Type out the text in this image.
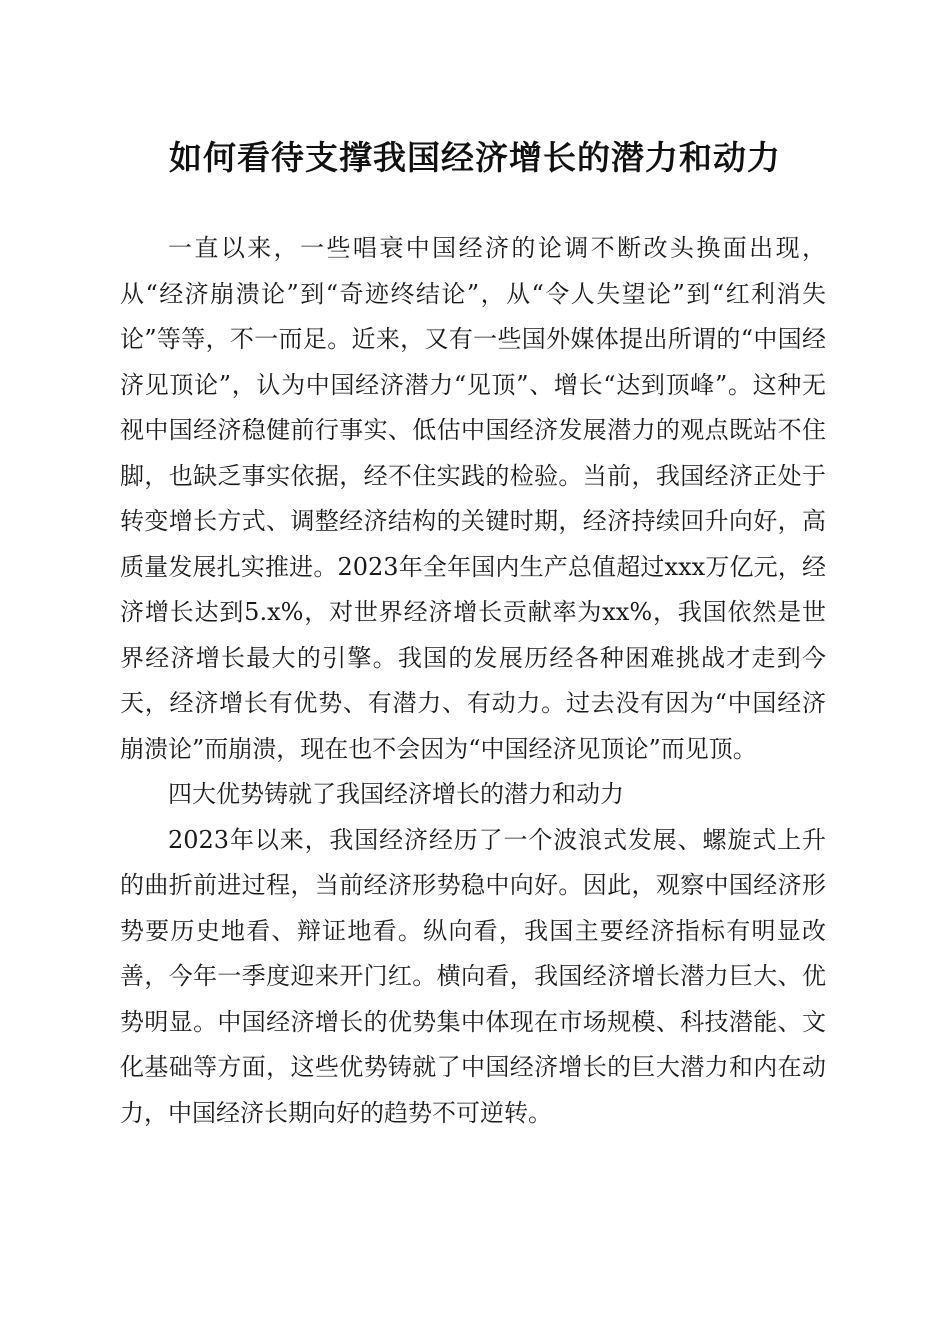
如何看待支撑我国经济增长的潜力和动力

一直以来，一些唱衰中国经济的论调不断改头换面出现，从“经济崩溃论”到“奇迹终结论”，从“令人失望论”到“红利消失论”等等，不一而足。近来，又有一些国外媒体提出所谓的“中国经济见顶论”，认为中国经济潜力“见顶”、增长“达到顶峰”。这种无视中国经济稳健前行事实、低估中国经济发展潜力的观点既站不住脚，也缺乏事实依据，经不住实践的检验。当前，我国经济正处于转变增长方式、调整经济结构的关键时期，经济持续回升向好，高质量发展扎实推进。2023年全年国内生产总值超过xxx万亿元，经济增长达到5.x%，对世界经济增长贡献率为xx%，我国依然是世界经济增长最大的引擎。我国的发展历经各种困难挑战才走到今天，经济增长有优势、有潜力、有动力。过去没有因为“中国经济崩溃论”而崩溃，现在也不会因为“中国经济见顶论”而见顶。

四大优势铸就了我国经济增长的潜力和动力

2023年以来，我国经济经历了一个波浪式发展、螺旋式上升的曲折前进过程，当前经济形势稳中向好。因此，观察中国经济形势要历史地看、辩证地看。纵向看，我国主要经济指标有明显改善，今年一季度迎来开门红。横向看，我国经济增长潜力巨大、优势明显。中国经济增长的优势集中体现在市场规模、科技潜能、文化基础等方面，这些优势铸就了中国经济增长的巨大潜力和内在动力，中国经济长期向好的趋势不可逆转。
